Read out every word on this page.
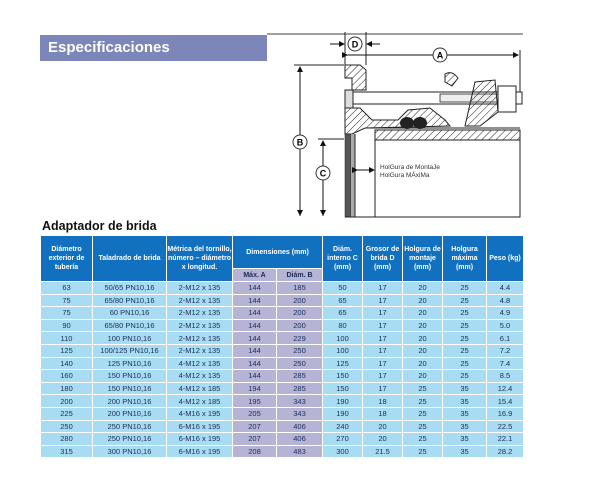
Especificaciones	D
A
B
C
HolGura de MontaJe
HolGura MÁxiMa
Adaptador de brida
Diámetro exterior de tubería	Taladrado de brida	Métrica del tornillo, número – diámetro x longitud.	Dimensiones (mm)		Diám. interno C (mm)	Grosor de brida D (mm)	Holgura de montaje (mm)	Holgura máxima (mm)	Peso (kg)
			Máx. A	Diám. B					
63	50/65 PN10,16	2-M12 x 135	144	185	50	17	20	25	4.4
75	65/80 PN10,16	2-M12 x 135	144	200	65	17	20	25	4.8
75	60 PN10,16	2-M12 x 135	144	200	65	17	20	25	4.9
90	65/80 PN10,16	2-M12 x 135	144	200	80	17	20	25	5.0
110	100 PN10,16	2-M12 x 135	144	229	100	17	20	25	6.1
125	100/125 PN10,16	2-M12 x 135	144	250	100	17	20	25	7.2
140	125 PN10,16	4-M12 x 135	144	250	125	17	20	25	7.4
160	150 PN10,16	4-M12 x 135	144	285	150	17	20	25	8.5
180	150 PN10,16	4-M12 x 185	194	285	150	17	25	35	12.4
200	200 PN10,16	4-M12 x 185	195	343	190	18	25	35	15.4
225	200 PN10,16	4-M16 x 195	205	343	190	18	25	35	16.9
250	250 PN10,16	6-M16 x 195	207	406	240	20	25	35	22.5
280	250 PN10,16	6-M16 x 195	207	406	270	20	25	35	22.1
315	300 PN10,16	6-M16 x 195	208	483	300	21.5	25	35	28.2
